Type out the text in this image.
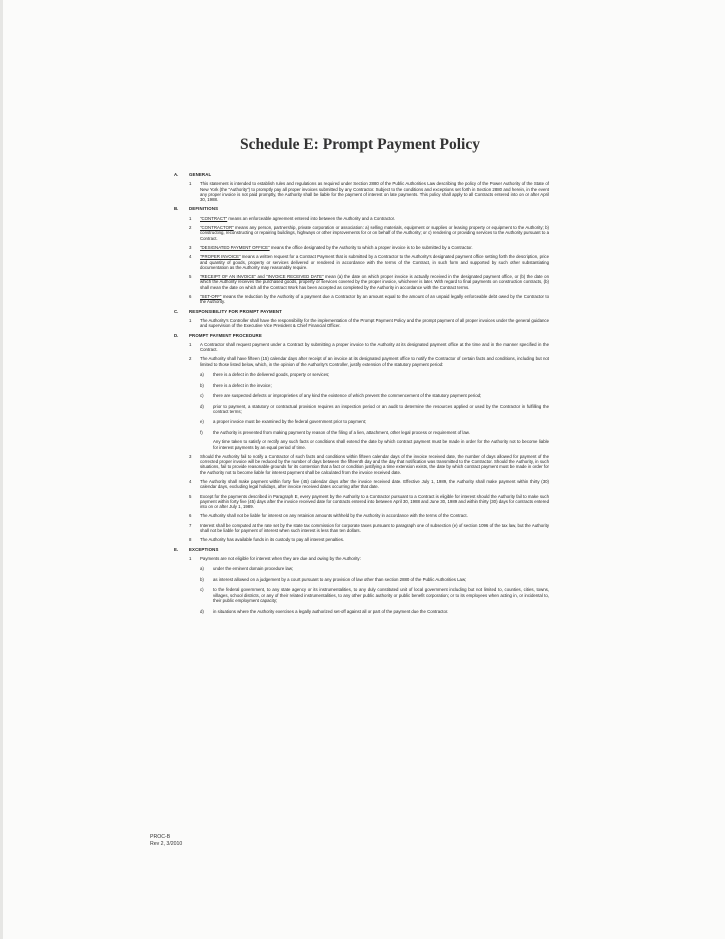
Schedule E: Prompt Payment Policy
A.	GENERAL
1	This statement is intended to establish rules and regulations as required under Section 2880 of the Public Authorities Law describing the policy of the Power Authority of the State of New York (the "Authority") to promptly pay all proper invoices submitted by any Contractor. Subject to the conditions and exceptions set forth in Section 2880 and herein, in the event any proper invoice is not paid promptly, the Authority shall be liable for the payment of interest on late payments. This policy shall apply to all Contracts entered into on or after April 30, 1988.
B.	DEFINITIONS
1	"CONTRACT" means an enforceable agreement entered into between the Authority and a Contractor.
2	"CONTRACTOR" means any person, partnership, private corporation or association: a) selling materials, equipment or supplies or leasing property or equipment to the Authority; b) constructing, reconstructing or repairing buildings, highways or other improvements for or on behalf of the Authority; or c) rendering or providing services to the Authority pursuant to a Contract.
3	"DESIGNATED PAYMENT OFFICE" means the office designated by the Authority to which a proper invoice is to be submitted by a Contractor.
4	"PROPER INVOICE" means a written request for a Contract Payment that is submitted by a Contractor to the Authority's designated payment office setting forth the description, price and quantity of goods, property or services delivered or rendered in accordance with the terms of the Contract, in such form and supported by such other substantiating documentation as the Authority may reasonably require.
5	"RECEIPT OF AN INVOICE" and "INVOICE RECEIVED DATE" mean (a) the date on which proper invoice is actually received in the designated payment office, or (b) the date on which the Authority receives the purchased goods, property or services covered by the proper invoice, whichever is later. With regard to final payments on construction contracts, (b) shall mean the date on which all the Contract Work has been accepted as completed by the Authority in accordance with the Contract terms.
6	"SET-OFF" means the reduction by the Authority of a payment due a Contractor by an amount equal to the amount of an unpaid legally enforceable debt owed by the Contractor to the Authority.
C.	RESPONSIBILITY FOR PROMPT PAYMENT
1	The Authority's Controller shall have the responsibility for the implementation of the Prompt Payment Policy and the prompt payment of all proper invoices under the general guidance and supervision of the Executive Vice President & Chief Financial Officer.
D.	PROMPT PAYMENT PROCEDURE
1	A Contractor shall request payment under a Contract by submitting a proper invoice to the Authority at its designated payment office at the time and in the manner specified in the Contract.
2	The Authority shall have fifteen (15) calendar days after receipt of an invoice at its designated payment office to notify the Contractor of certain facts and conditions, including but not limited to those listed below, which, in the opinion of the Authority's Controller, justify extension of the statutory payment period:
a)	there is a defect in the delivered goods, property or services;
b)	there is a defect in the invoice;
c)	there are suspected defects or improprieties of any kind the existence of which prevent the commencement of the statutory payment period;
d)	prior to payment, a statutory or contractual provision requires an inspection period or an audit to determine the resources applied or used by the Contractor in fulfilling the contract terms;
e)	a proper invoice must be examined by the federal government prior to payment;
f)	the Authority is prevented from making payment by reason of the filing of a lien, attachment, other legal process or requirement of law.
Any time taken to satisfy or rectify any such facts or conditions shall extend the date by which contract payment must be made in order for the Authority not to become liable for interest payments by an equal period of time.
3	Should the Authority fail to notify a Contractor of such facts and conditions within fifteen calendar days of the invoice received date, the number of days allowed for payment of the corrected proper invoice will be reduced by the number of days between the fifteenth day and the day that notification was transmitted to the Contractor. Should the Authority, in such situations, fail to provide reasonable grounds for its contention that a fact or condition justifying a time extension exists, the date by which contract payment must be made in order for the Authority not to become liable for interest payment shall be calculated from the invoice received date.
4	The Authority shall make payment within forty five (45) calendar days after the invoice received date. Effective July 1, 1989, the Authority shall make payment within thirty (30) calendar days, excluding legal holidays, after invoice received dates occurring after that date.
5	Except for the payments described in Paragraph E, every payment by the Authority to a Contractor pursuant to a Contract is eligible for interest should the Authority fail to make such payment within forty five (45) days after the invoice received date for contracts entered into between April 30, 1988 and June 30, 1989 and within thirty (30) days for contracts entered into on or after July 1, 1989.
6	The Authority shall not be liable for interest on any retainion amounts withheld by the Authority in accordance with the terms of the Contract.
7	Interest shall be computed at the rate set by the state tax commission for corporate taxes pursuant to paragraph one of subsection (e) of section 1096 of the tax law, but the Authority shall not be liable for payment of interest when such interest is less than ten dollars.
8	The Authority has available funds in its custody to pay all interest penalties.
E.	EXCEPTIONS
1	Payments are not eligible for interest when they are due and owing by the Authority:
a)	under the eminent domain procedure law;
b)	as interest allowed on a judgement by a court pursuant to any provision of law other than section 2880 of the Public Authorities Law;
c)	to the federal government, to any state agency or its instrumentalities, to any duly constituted unit of local government including but not limited to, counties, cities, towns, villages, school districts, or any of their related instrumentalities, to any other public authority or public benefit corporation; or to its employees when acting in, or incidental to, their public employment capacity;
d)	in situations where the Authority exercises a legally authorized set-off against all or part of the payment due the Contractor.
PROC-B
Rev 2, 3/2010
